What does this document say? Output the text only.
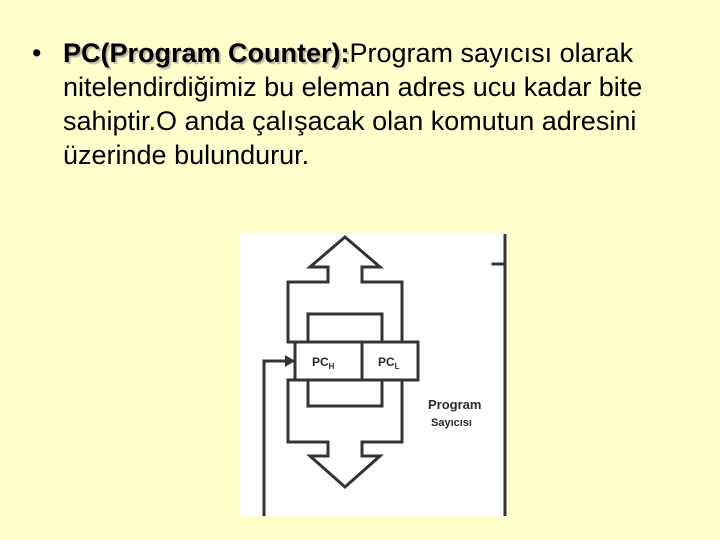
• PC(Program Counter):Program sayıcısı olarak nitelendirdiğimiz bu eleman adres ucu kadar bite sahiptir.O anda çalışacak olan komutun adresini üzerinde bulundurur.
$PC_H$	$PC_L$
Program
Sayıcısı
